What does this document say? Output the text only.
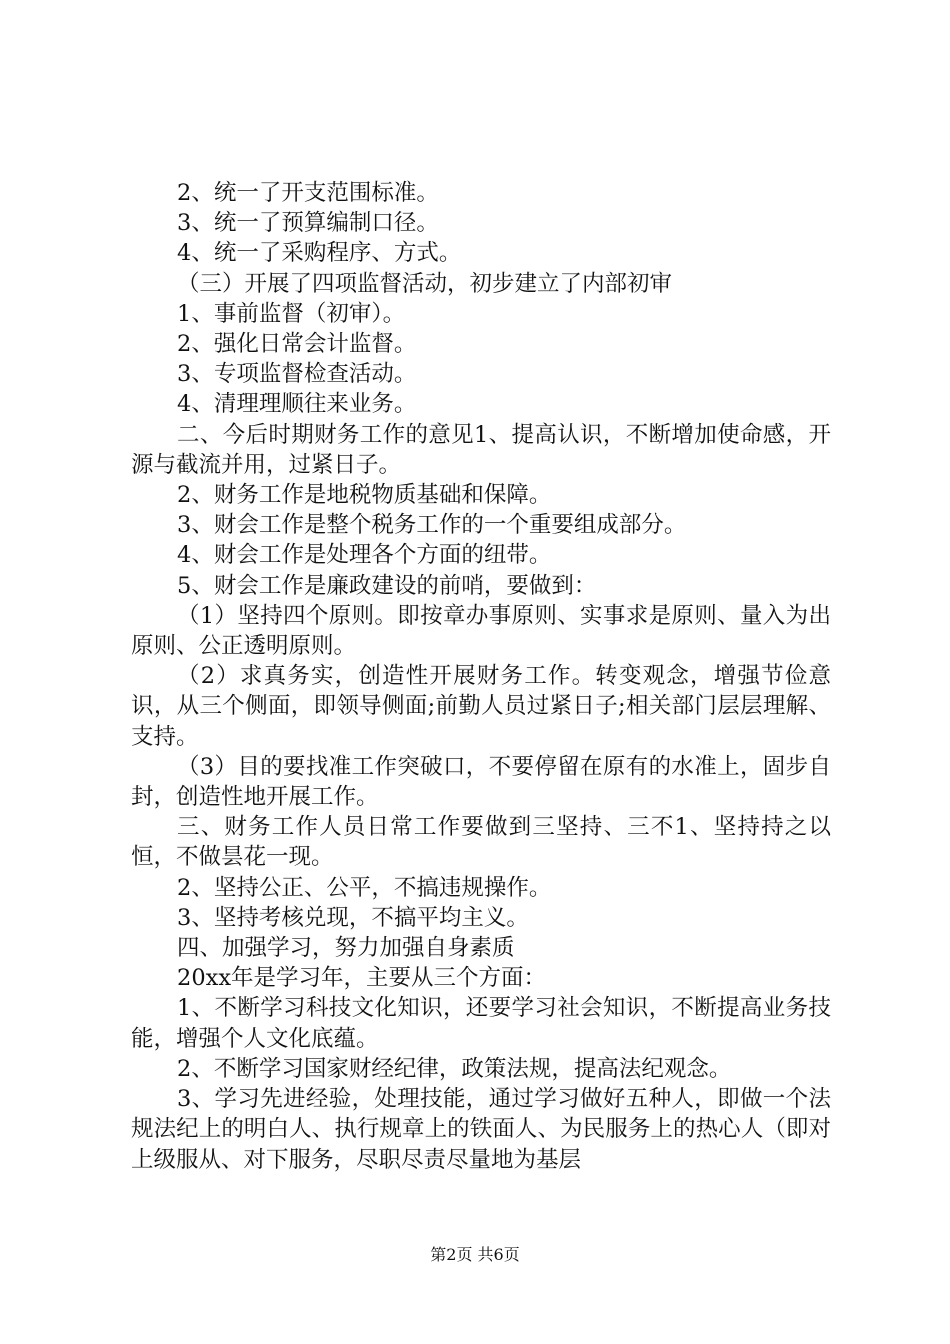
2、统一了开支范围标准。

3、统一了预算编制口径。

4、统一了采购程序、方式。

（三）开展了四项监督活动，初步建立了内部初审

1、事前监督（初审）。

2、强化日常会计监督。

3、专项监督检查活动。

4、清理理顺往来业务。

二、今后时期财务工作的意见1、提高认识，不断增加使命感，开源与截流并用，过紧日子。

2、财务工作是地税物质基础和保障。

3、财会工作是整个税务工作的一个重要组成部分。

4、财会工作是处理各个方面的纽带。

5、财会工作是廉政建设的前哨，要做到：

（1）坚持四个原则。即按章办事原则、实事求是原则、量入为出原则、公正透明原则。

（2）求真务实，创造性开展财务工作。转变观念，增强节俭意识，从三个侧面，即领导侧面;前勤人员过紧日子;相关部门层层理解、支持。

（3）目的要找准工作突破口，不要停留在原有的水准上，固步自封，创造性地开展工作。

三、财务工作人员日常工作要做到三坚持、三不1、坚持持之以恒，不做昙花一现。

2、坚持公正、公平，不搞违规操作。

3、坚持考核兑现，不搞平均主义。

四、加强学习，努力加强自身素质

20xx年是学习年，主要从三个方面：

1、不断学习科技文化知识，还要学习社会知识，不断提高业务技能，增强个人文化底蕴。

2、不断学习国家财经纪律，政策法规，提高法纪观念。

3、学习先进经验，处理技能，通过学习做好五种人，即做一个法规法纪上的明白人、执行规章上的铁面人、为民服务上的热心人（即对上级服从、对下服务，尽职尽责尽量地为基层

第2页 共6页
